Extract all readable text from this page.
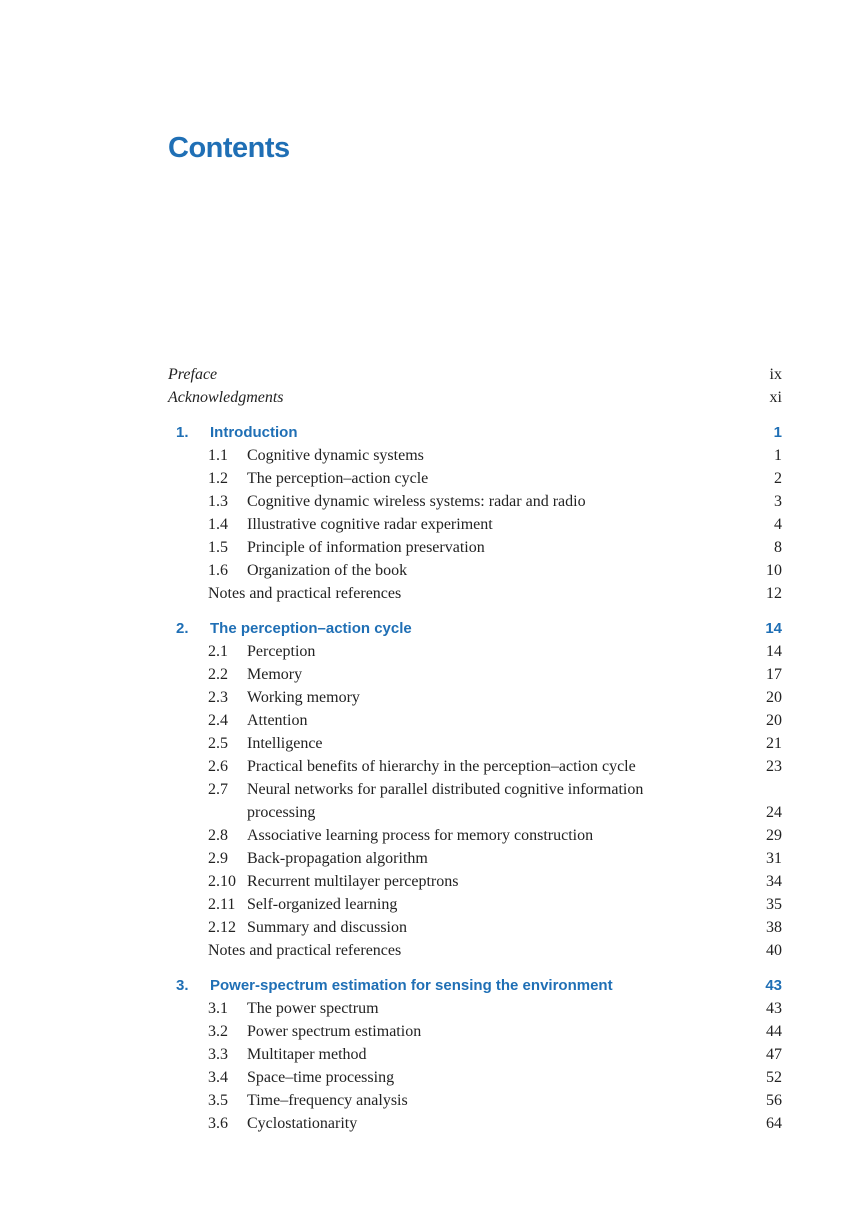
Contents
Preface	ix
Acknowledgments	xi
1. Introduction	1
1.1 Cognitive dynamic systems	1
1.2 The perception–action cycle	2
1.3 Cognitive dynamic wireless systems: radar and radio	3
1.4 Illustrative cognitive radar experiment	4
1.5 Principle of information preservation	8
1.6 Organization of the book	10
Notes and practical references	12
2. The perception–action cycle	14
2.1 Perception	14
2.2 Memory	17
2.3 Working memory	20
2.4 Attention	20
2.5 Intelligence	21
2.6 Practical benefits of hierarchy in the perception–action cycle	23
2.7 Neural networks for parallel distributed cognitive information processing	24
2.8 Associative learning process for memory construction	29
2.9 Back-propagation algorithm	31
2.10 Recurrent multilayer perceptrons	34
2.11 Self-organized learning	35
2.12 Summary and discussion	38
Notes and practical references	40
3. Power-spectrum estimation for sensing the environment	43
3.1 The power spectrum	43
3.2 Power spectrum estimation	44
3.3 Multitaper method	47
3.4 Space–time processing	52
3.5 Time–frequency analysis	56
3.6 Cyclostationarity	64
